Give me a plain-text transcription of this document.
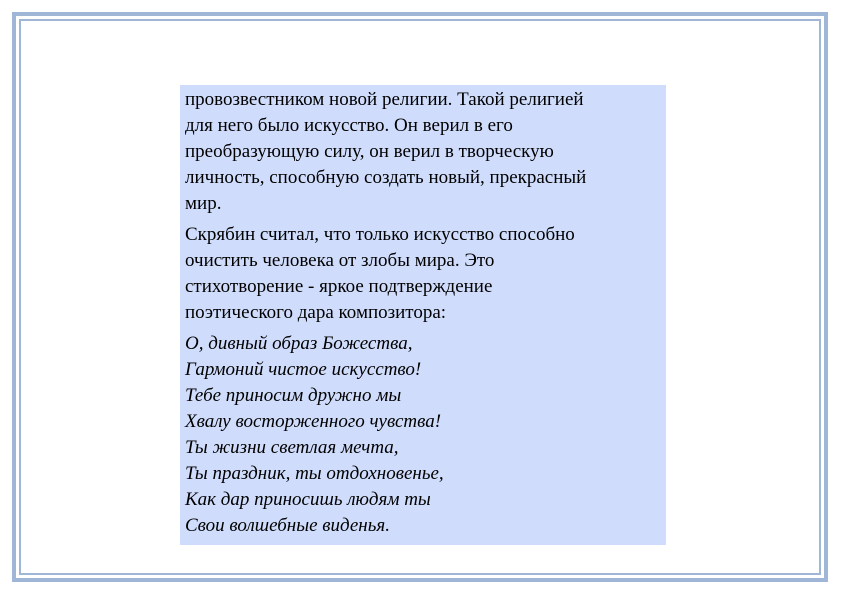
провозвестником новой религии. Такой религией
для него было искусство. Он верил в его
преобразующую силу, он верил в творческую
личность, способную создать новый, прекрасный
мир.

Скрябин считал, что только искусство способно
очистить человека от злобы мира. Это
стихотворение - яркое подтверждение
поэтического дара композитора:

О, дивный образ Божества,
Гармоний чистое искусство!
Тебе приносим дружно мы
Хвалу восторженного чувства!
Ты жизни светлая мечта,
Ты праздник, ты отдохновенье,
Как дар приносишь людям ты
Свои волшебные виденья.
